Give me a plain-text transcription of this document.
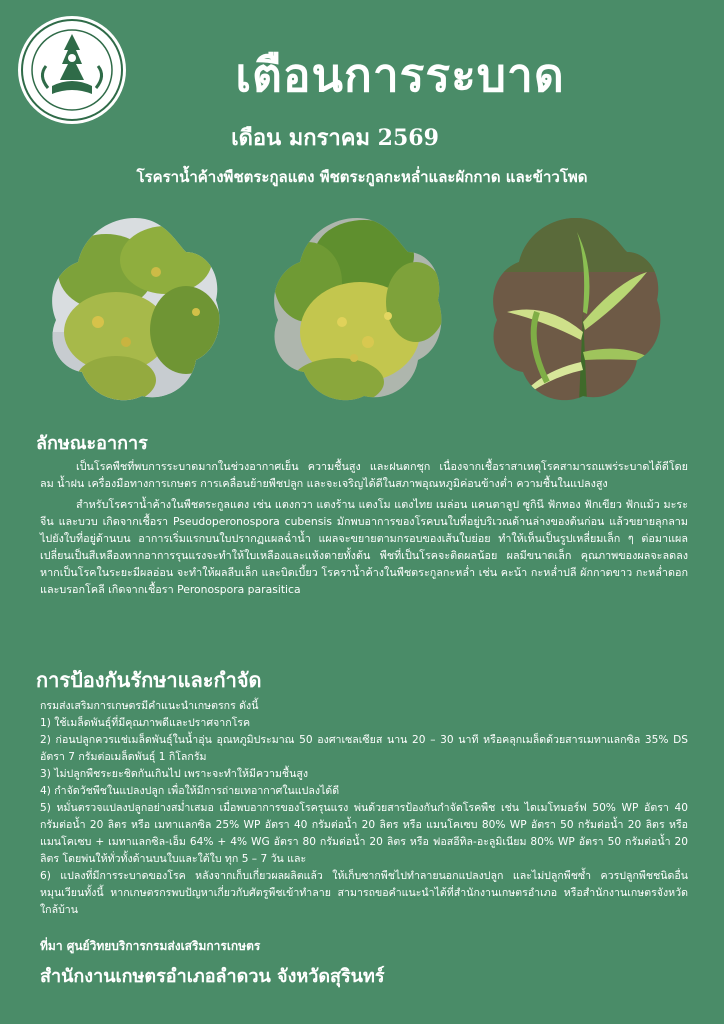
เตือนการระบาด
เดือน มกราคม 2569
โรคราน้ำค้างพืชตระกูลแตง พืชตระกูลกะหล่ำและผักกาด และข้าวโพด
ลักษณะอาการ

เป็นโรคพืชที่พบการระบาดมากในช่วงอากาศเย็น ความชื้นสูง และฝนตกชุก เนื่องจากเชื้อราสาเหตุโรคสามารถแพร่ระบาดได้ดีโดย ลม น้ำฝน เครื่องมือทางการเกษตร การเคลื่อนย้ายพืชปลูก และจะเจริญได้ดีในสภาพอุณหภูมิค่อนข้างต่ำ ความชื้นในแปลงสูง

สำหรับโรคราน้ำค้างในพืชตระกูลแตง เช่น แตงกวา แตงร้าน แตงโม แตงไทย เมล่อน แคนตาลูป ซูกินี ฟักทอง ฟักเขียว ฟักแม้ว มะระจีน และบวบ เกิดจากเชื้อรา Pseudoperonospora cubensis มักพบอาการของโรคบนใบที่อยู่บริเวณด้านล่างของต้นก่อน แล้วขยายลุกลามไปยังใบที่อยู่ด้านบน อาการเริ่มแรกบนใบปรากฏแผลฉ่ำน้ำ แผลจะขยายตามกรอบของเส้นใบย่อย ทำให้เห็นเป็นรูปเหลี่ยมเล็ก ๆ ต่อมาแผลเปลี่ยนเป็นสีเหลืองหากอาการรุนแรงจะทำให้ใบเหลืองและแห้งตายทั้งต้น พืชที่เป็นโรคจะติดผลน้อย ผลมีขนาดเล็ก คุณภาพของผลจะลดลง หากเป็นโรคในระยะมีผลอ่อน จะทำให้ผลลีบเล็ก และบิดเบี้ยว โรคราน้ำค้างในพืชตระกูลกะหล่ำ เช่น คะน้า กะหล่ำปลี ผักกาดขาว กะหล่ำดอก และบรอกโคลี เกิดจากเชื้อรา Peronospora parasitica

การป้องกันรักษาและกำจัด
กรมส่งเสริมการเกษตรมีคำแนะนำเกษตรกร ดังนี้
1) ใช้เมล็ดพันธุ์ที่มีคุณภาพดีและปราศจากโรค
2) ก่อนปลูกควรแช่เมล็ดพันธุ์ในน้ำอุ่น อุณหภูมิประมาณ 50 องศาเซลเซียส นาน 20 – 30 นาที หรือคลุกเมล็ดด้วยสารเมทาแลกซิล 35% DS อัตรา 7 กรัมต่อเมล็ดพันธุ์ 1 กิโลกรัม
3) ไม่ปลูกพืชระยะชิดกันเกินไป เพราะจะทำให้มีความชื้นสูง
4) กำจัดวัชพืชในแปลงปลูก เพื่อให้มีการถ่ายเทอากาศในแปลงได้ดี
5) หมั่นตรวจแปลงปลูกอย่างสม่ำเสมอ เมื่อพบอาการของโรครุนแรง พ่นด้วยสารป้องกันกำจัดโรคพืช เช่น ไดเมโทมอร์ฟ 50% WP อัตรา 40 กรัมต่อน้ำ 20 ลิตร หรือ เมทาแลกซิล 25% WP อัตรา 40 กรัมต่อน้ำ 20 ลิตร หรือ แมนโคเซบ 80% WP อัตรา 50 กรัมต่อน้ำ 20 ลิตร หรือ แมนโคเซบ + เมทาแลกซิล-เอ็ม 64% + 4% WG อัตรา 80 กรัมต่อน้ำ 20 ลิตร หรือ ฟอสอีทิล-อะลูมิเนียม 80% WP อัตรา 50 กรัมต่อน้ำ 20 ลิตร โดยพ่นให้ทั่วทั้งด้านบนใบและใต้ใบ ทุก 5 – 7 วัน และ
6) แปลงที่มีการระบาดของโรค หลังจากเก็บเกี่ยวผลผลิตแล้ว ให้เก็บซากพืชไปทำลายนอกแปลงปลูก และไม่ปลูกพืชซ้ำ ควรปลูกพืชชนิดอื่นหมุนเวียนทั้งนี้ หากเกษตรกรพบปัญหาเกี่ยวกับศัตรูพืชเข้าทำลาย สามารถขอคำแนะนำได้ที่สำนักงานเกษตรอำเภอ หรือสำนักงานเกษตรจังหวัดใกล้บ้าน
ที่มา ศูนย์วิทยบริการกรมส่งเสริมการเกษตร
สำนักงานเกษตรอำเภอลำดวน จังหวัดสุรินทร์
